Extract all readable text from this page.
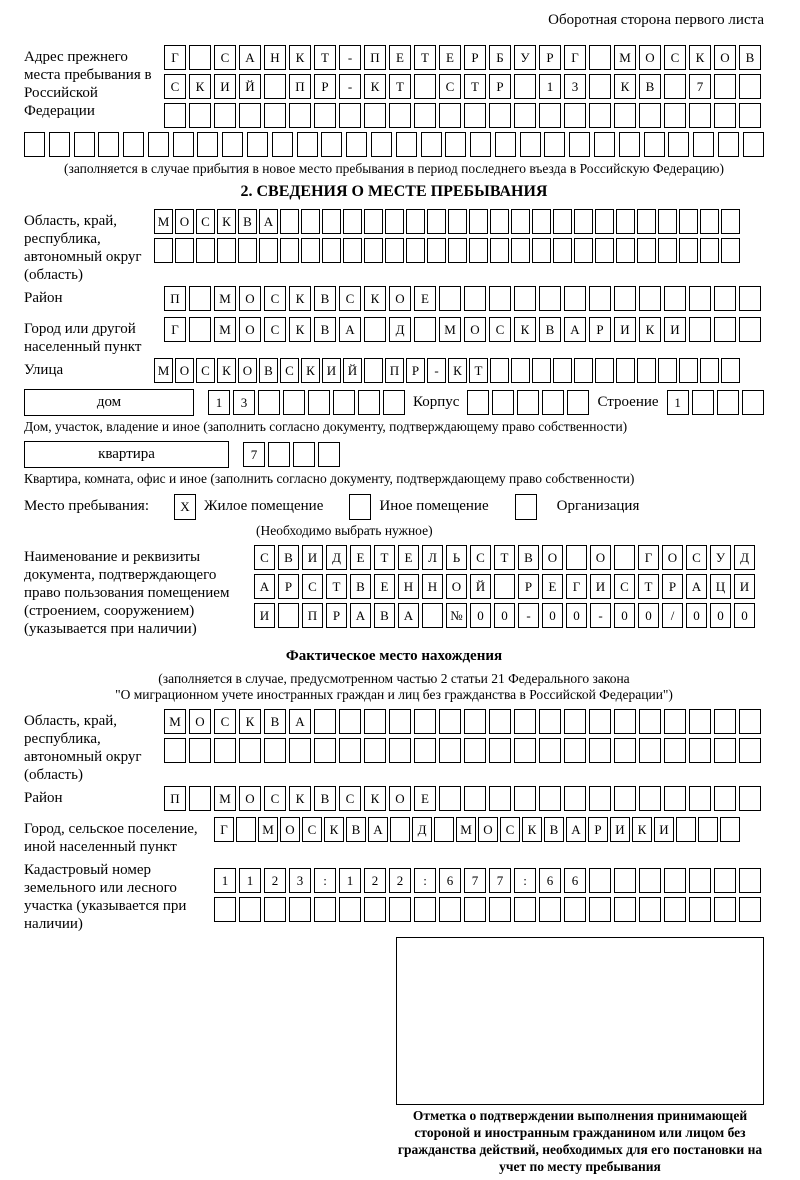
Оборотная сторона первого листа
Адрес прежнего места пребывания в Российской Федерации
Г	С	А	Н	К	Т	-	П	Е	Т	Е	Р	Б	У	Р	Г	М	О	С	К	О	В
С	К	И	Й	П	Р	-	К	Т	С	Т	Р	1	3	К	В	7
(заполняется в случае прибытия в новое место пребывания в период последнего въезда в Российскую Федерацию)
2. СВЕДЕНИЯ О МЕСТЕ ПРЕБЫВАНИЯ
Область, край, республика, автономный округ (область)
М О С К В А
Район	П	М	О	С	К	В	С	К	О	Е
Город или другой населенный пункт
Г	М	О	С	К	В	А	Д	М	О	С	К	В	А	Р	И	К	И
Улица	М О С К О В С К И Й	П Р	-	К Т
дом	1	3	Корпус	Строение	1
Дом, участок, владение и иное (заполнить согласно документу, подтверждающему право собственности)
квартира	7
Квартира, комната, офис и иное (заполнить согласно документу, подтверждающему право собственности)
Место пребывания:	X Жилое помещение	Иное помещение	Организация
(Необходимо выбрать нужное)
Наименование и реквизиты документа, подтверждающего право пользования помещением (строением, сооружением) (указывается при наличии)
С	В	И	Д	Е	Т	Е	Л	Ь	С	Т	В	О	О	Г	О	С	У	Д
А	Р	С	Т	В	Е	Н	Н	О	Й	Р	Е	Г	И	С	Т	Р	А	Ц	И
И	П	Р	А	В	А	№	0	0	-	0	0	-	0	0	/	0	0	0
Фактическое место нахождения
(заполняется в случае, предусмотренном частью 2 статьи 21 Федерального закона
"О миграционном учете иностранных граждан и лиц без гражданства в Российской Федерации")
Область, край, республика, автономный округ (область)
М	О	С	К	В	А
Район	П	М	О	С	К	В	С	К	О	Е
Город, сельское поселение, иной населенный пункт
Г	М О С	К	В А	Д	М О С	К	В А	Р	И К И
Кадастровый номер земельного или лесного участка (указывается при наличии)
1	1	2	3	:	1	2	2	:	6	7	7	:	6	6
Отметка о подтверждении выполнения принимающей стороной и иностранным гражданином или лицом без гражданства действий, необходимых для его постановки на учет по месту пребывания
